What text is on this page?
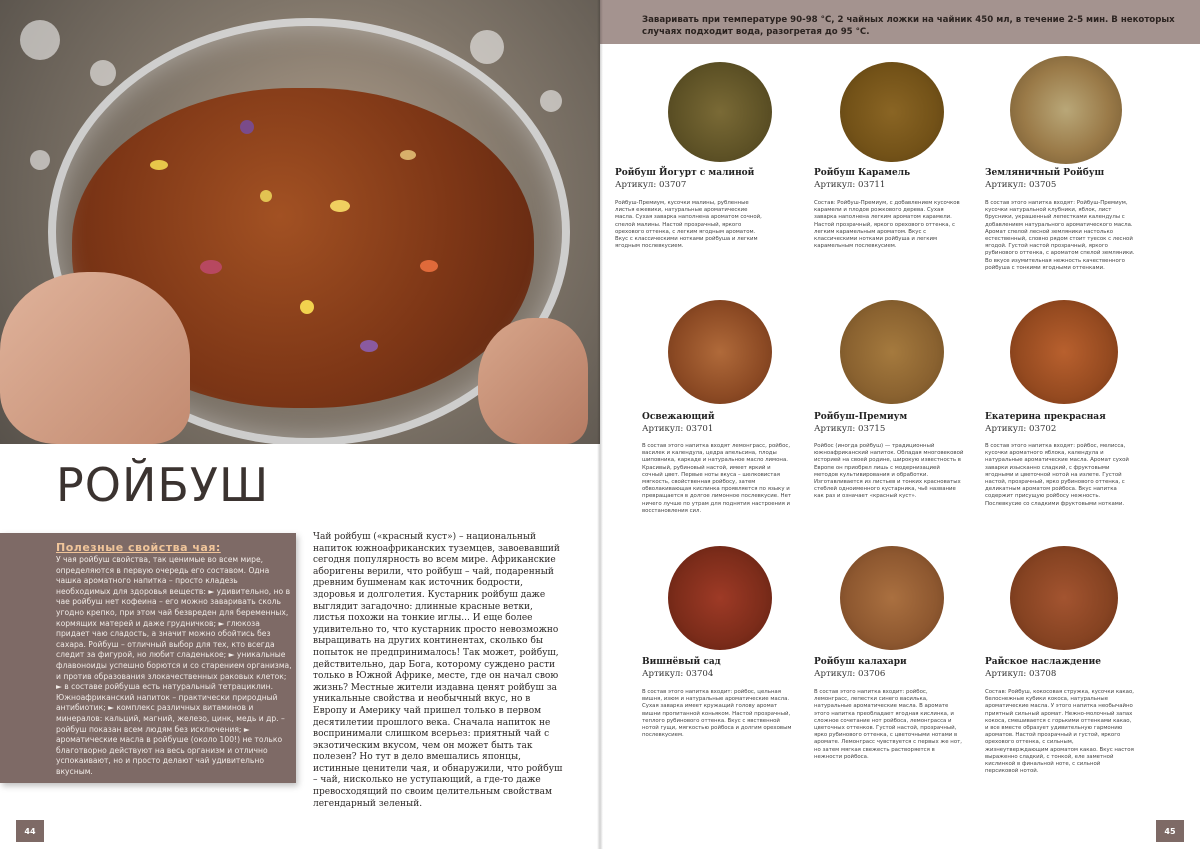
РОЙБУШ
Полезные свойства чая:
У чая ройбуш свойства, так ценимые во всем мире, определяются в первую очередь его составом. Одна чашка ароматного напитка – просто кладезь необходимых для здоровья веществ: ► удивительно, но в чае ройбуш нет кофеина – его можно заваривать сколь угодно крепко, при этом чай безвреден для беременных, кормящих матерей и даже грудничков; ► глюкоза придает чаю сладость, а значит можно обойтись без сахара. Ройбуш – отличный выбор для тех, кто всегда следит за фигурой, но любит сладенькое; ► уникальные флавоноиды успешно борются и со старением организма, и против образования злокачественных раковых клеток; ► в составе ройбуша есть натуральный тетрациклин. Южноафриканский напиток – практически природный антибиотик; ► комплекс различных витаминов и минералов: кальций, магний, железо, цинк, медь и др. – ройбуш показан всем людям без исключения; ► ароматические масла в ройбуше (около 100!) не только благотворно действуют на весь организм и отлично успокаивают, но и просто делают чай удивительно вкусным.
Чай ройбуш («красный куст») – национальный напиток южноафриканских туземцев, завоевавший сегодня популярность во всем мире. Африканские аборигены верили, что ройбуш – чай, подаренный древним бушменам как источник бодрости, здоровья и долголетия. Кустарник ройбуш даже выглядит загадочно: длинные красные ветки, листья похожи на тонкие иглы... И еще более удивительно то, что кустарник просто невозможно выращивать на других континентах, сколько бы попыток не предпринималось! Так может, ройбуш, действительно, дар Бога, которому суждено расти только в Южной Африке, месте, где он начал свою жизнь? Местные жители издавна ценят ройбуш за уникальные свойства и необычный вкус, но в Европу и Америку чай пришел только в первом десятилетии прошлого века. Сначала напиток не воспринимали слишком всерьез: приятный чай с экзотическим вкусом, чем он может быть так полезен? Но тут в дело вмешались японцы, истинные ценители чая, и обнаружили, что ройбуш – чай, нисколько не уступающий, а где-то даже превосходящий по своим целительным свойствам легендарный зеленый.
44
Заваривать при температуре 90-98 °С, 2 чайных ложки на чайник 450 мл, в течение 2-5 мин. В некоторых случаях подходит вода, разогретая до 95 °С.
Ройбуш Йогурт с малиной
Артикул: 03707
Ройбуш-Премиум, кусочки малины, рубленные листья ежевики, натуральные ароматические масла. Сухая заварка наполнена ароматом сочной, спелой малины. Настой прозрачный, яркого орехового оттенка, с легким ягодным ароматом. Вкус с классическими нотками ройбуша и легким ягодным послевкусием.
Ройбуш Карамель
Артикул: 03711
Состав: Ройбуш-Премиум, с добавлением кусочков карамели и плодов рожкового дерева. Сухая заварка наполнена легким ароматом карамели. Настой прозрачный, яркого орехового оттенка, с легким карамельным ароматом. Вкус с классическими нотками ройбуша и легким карамельным послевкусием.
Земляничный Ройбуш
Артикул: 03705
В состав этого напитка входят: Ройбуш-Премиум, кусочки натуральной клубники, яблок, лист брусники, украшенный лепестками календулы с добавлением натурального ароматического масла. Аромат спелой лесной земляники настолько естественный, словно рядом стоит туесок с лесной ягодой. Густой настой прозрачный, яркого рубинового оттенка, с ароматом спелой земляники. Во вкусе изумительная нежность качественного ройбуша с тонкими ягодными оттенками.
Освежающий
Артикул: 03701
В состав этого напитка входят лемонграсс, ройбос, василек и календула, цедра апельсина, плоды шиповника, каркаде и натуральное масло лимона. Красивый, рубиновый настой, имеет яркий и сочный цвет. Первые ноты вкуса – шелковистая мягкость, свойственная ройбосу, затем обволакивающая кислинка проявляется по языку и превращается в долгое лимонное послевкусие. Нет ничего лучше по утрам для поднятия настроения и восстановления сил.
Ройбуш-Премиум
Артикул: 03715
Ройбос (иногда ройбуш) — традиционный южноафриканский напиток. Обладая многовековой историей на своей родине, широкую известность в Европе он приобрел лишь с модернизацией методов культивирования и обработки. Изготавливается из листьев и тонких красноватых стеблей одноименного кустарника, чьё название как раз и означает «красный куст».
Екатерина прекрасная
Артикул: 03702
В состав этого напитка входят: ройбос, мелисса, кусочки ароматного яблока, календула и натуральные ароматические масла. Аромат сухой заварки изысканно сладкий, с фруктовыми ягодными и цветочной нотой на излете. Густой настой, прозрачный, ярко рубинового оттенка, с деликатным ароматом ройбоса. Вкус напитка содержит присущую ройбосу нежность. Послевкусие со сладкими фруктовыми нотками.
Вишнёвый сад
Артикул: 03704
В состав этого напитка входит: ройбос, цельная вишня, изюм и натуральные ароматические масла. Сухая заварка имеет кружащий голову аромат вишни пропитанной коньяком. Настой прозрачный, теплого рубинового оттенка. Вкус с явственной нотой гущи, мягкостью ройбоса и долгим ореховым послевкусием.
Ройбуш калахари
Артикул: 03706
В состав этого напитка входит: ройбос, лемонграсс, лепестки синего василька, натуральные ароматические масла. В аромате этого напитка преобладает ягодная кислинка, и сложное сочетание нот ройбоса, лемонграсса и цветочных оттенков. Густой настой, прозрачный, ярко рубинового оттенка, с цветочными нотами в аромате. Лемонграсс чувствуется с первых же нот, но затем мягкая свежесть растворяется в нежности ройбоса.
Райское наслаждение
Артикул: 03708
Состав: Ройбуш, кокосовая стружка, кусочки какао, белоснежные кубики кокоса, натуральные ароматические масла. У этого напитка необычайно приятный сильный аромат. Нежно-молочный запах кокоса, смешивается с горькими оттенками какао, и все вместе образует удивительную гармонию ароматов. Настой прозрачный и густой, яркого орехового оттенка, с сильным, жизнеутверждающим ароматом какао. Вкус настоя выраженно сладкий, с тонкой, еле заметной кислинкой в финальной ноте, с сильной персиковой нотой.
45
